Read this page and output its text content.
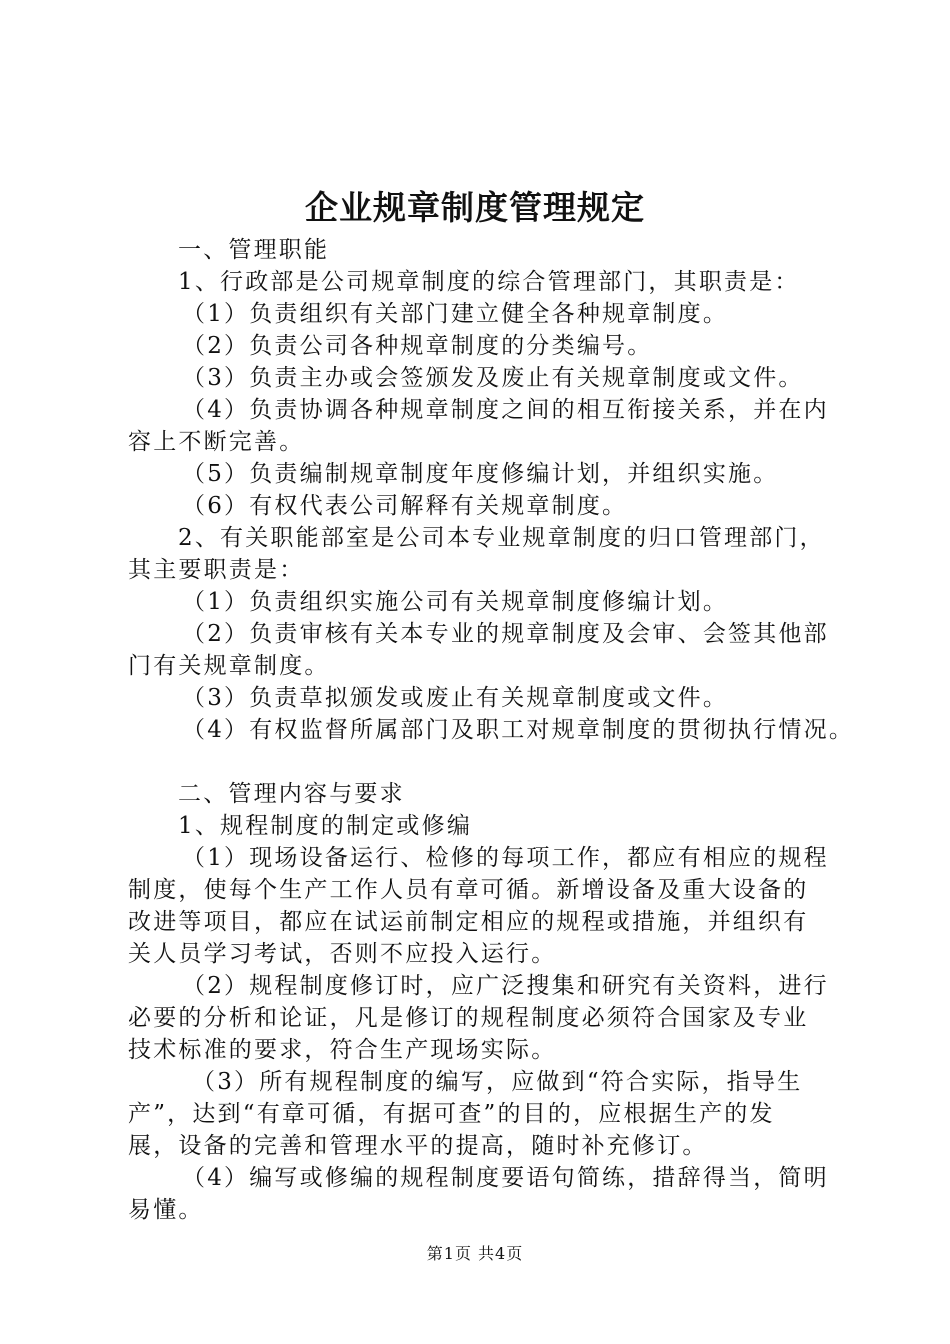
企业规章制度管理规定
一、管理职能
1、行政部是公司规章制度的综合管理部门，其职责是：
（1）负责组织有关部门建立健全各种规章制度。
（2）负责公司各种规章制度的分类编号。
（3）负责主办或会签颁发及废止有关规章制度或文件。
（4）负责协调各种规章制度之间的相互衔接关系，并在内
容上不断完善。
（5）负责编制规章制度年度修编计划，并组织实施。
（6）有权代表公司解释有关规章制度。
2、有关职能部室是公司本专业规章制度的归口管理部门，
其主要职责是：
（1）负责组织实施公司有关规章制度修编计划。
（2）负责审核有关本专业的规章制度及会审、会签其他部
门有关规章制度。
（3）负责草拟颁发或废止有关规章制度或文件。
（4）有权监督所属部门及职工对规章制度的贯彻执行情况。
二、管理内容与要求
1、规程制度的制定或修编
（1）现场设备运行、检修的每项工作，都应有相应的规程
制度，使每个生产工作人员有章可循。新增设备及重大设备的
改进等项目，都应在试运前制定相应的规程或措施，并组织有
关人员学习考试，否则不应投入运行。
（2）规程制度修订时，应广泛搜集和研究有关资料，进行
必要的分析和论证，凡是修订的规程制度必须符合国家及专业
技术标准的要求，符合生产现场实际。
（3）所有规程制度的编写，应做到“符合实际，指导生
产”，达到“有章可循，有据可查”的目的，应根据生产的发
展，设备的完善和管理水平的提高，随时补充修订。
（4）编写或修编的规程制度要语句简练，措辞得当，简明
易懂。
第1页 共4页
